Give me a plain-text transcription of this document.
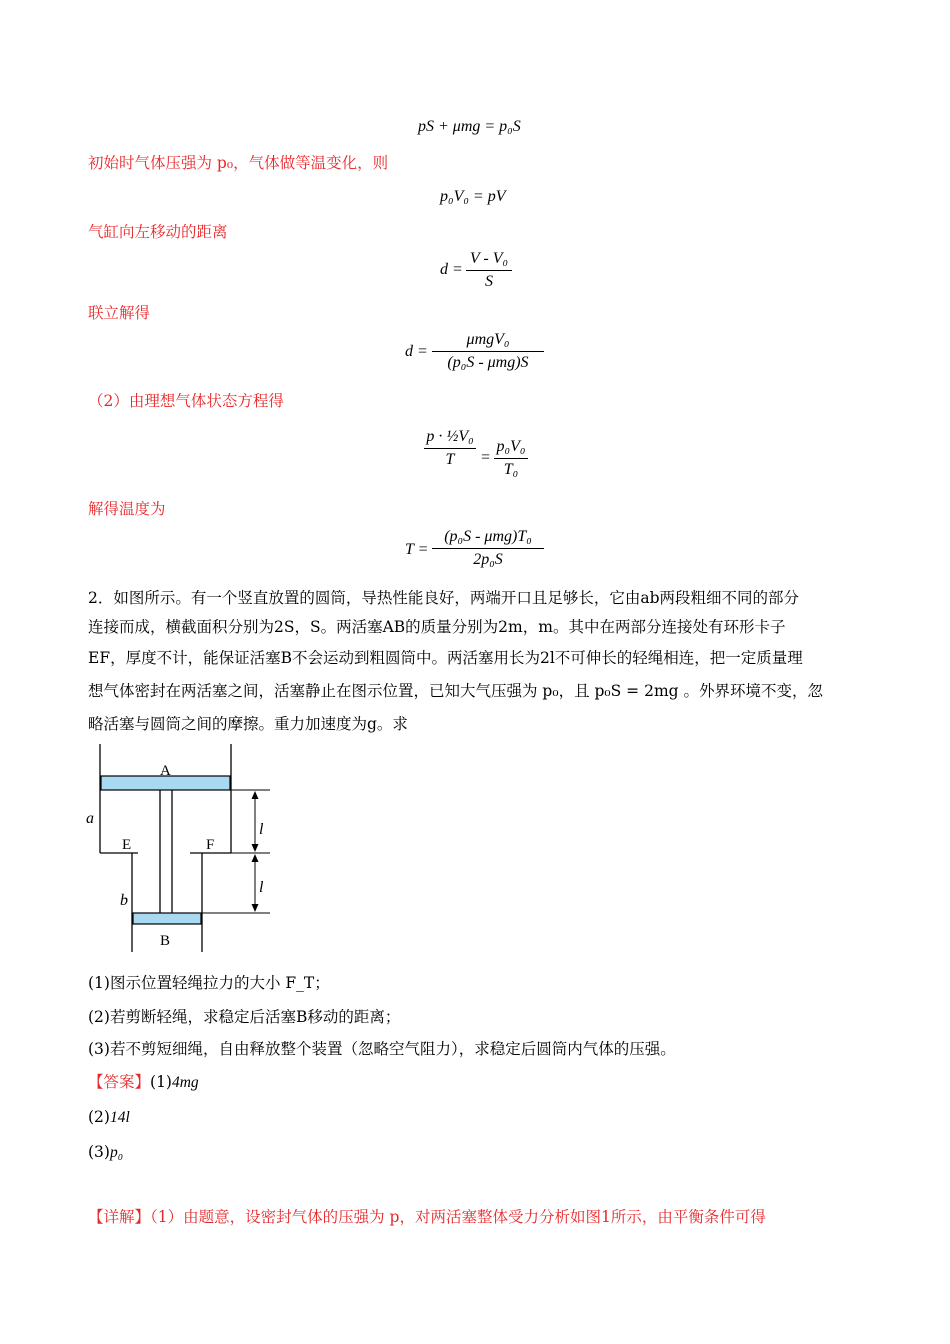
pS + μmg = p₀S
初始时气体压强为 p₀，气体做等温变化，则
p₀V₀ = pV
气缸向左移动的距离
d =
V - V₀
S
联立解得
d =
μmgV₀
(p₀S - μmg)S
（2）由理想气体状态方程得
p · ½V₀
T	=
p₀V₀
T₀
解得温度为
T =
(p₀S - μmg)T₀
2p₀S
2．如图所示。有一个竖直放置的圆筒，导热性能良好，两端开口且足够长，它由ab两段粗细不同的部分
连接而成，横截面积分别为2S，S。两活塞AB的质量分别为2m，m。其中在两部分连接处有环形卡子
EF，厚度不计，能保证活塞B不会运动到粗圆筒中。两活塞用长为2l不可伸长的轻绳相连，把一定质量理
想气体密封在两活塞之间，活塞静止在图示位置，已知大气压强为 p₀，且 p₀S = 2mg 。外界环境不变，忽
略活塞与圆筒之间的摩擦。重力加速度为g。求
A
B
E	F
a
b
l
l
(1)图示位置轻绳拉力的大小 F_T；
(2)若剪断轻绳，求稳定后活塞B移动的距离；
(3)若不剪短细绳，自由释放整个装置（忽略空气阻力），求稳定后圆筒内气体的压强。
【答案】(1)4mg
(2)14l
(3)p₀
【详解】（1）由题意，设密封气体的压强为 p，对两活塞整体受力分析如图1所示，由平衡条件可得
